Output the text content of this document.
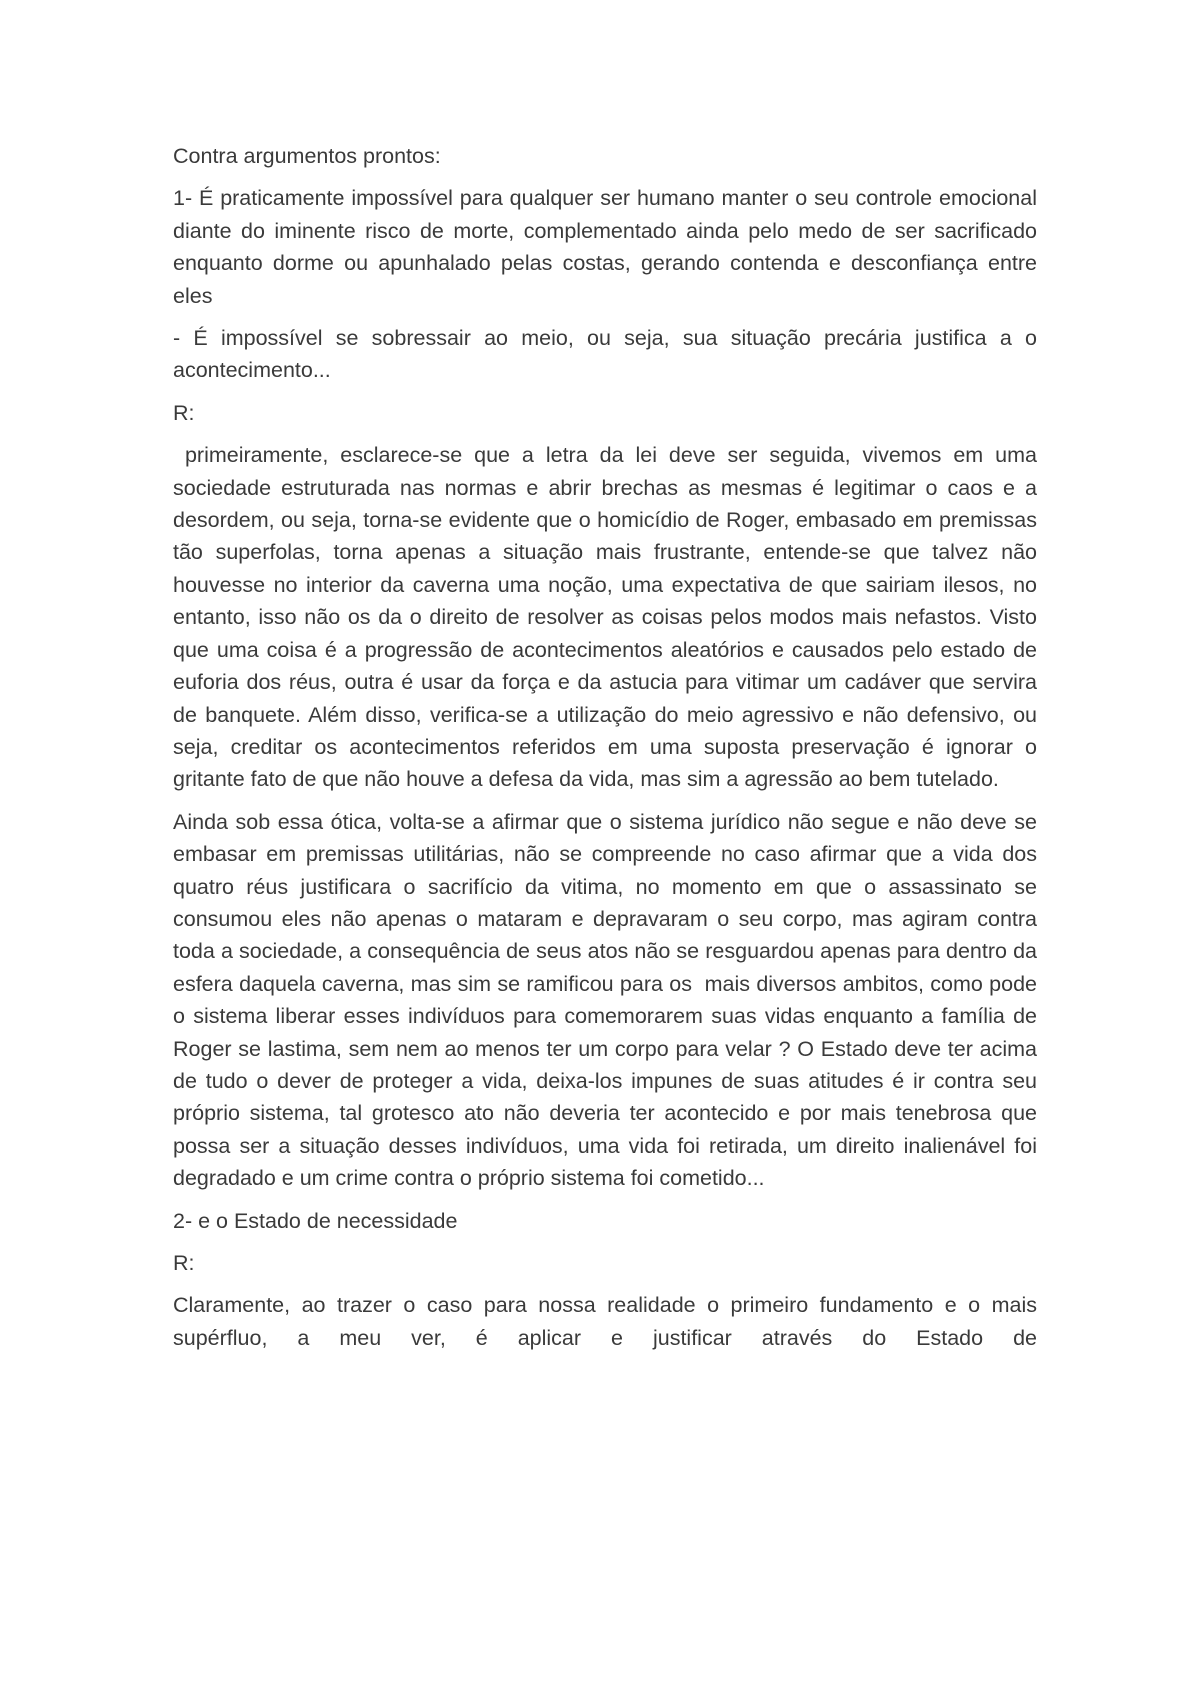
Contra argumentos prontos:

1- É praticamente impossível para qualquer ser humano manter o seu controle emocional diante do iminente risco de morte, complementado ainda pelo medo de ser sacrificado enquanto dorme ou apunhalado pelas costas, gerando contenda e desconfiança entre eles

- É impossível se sobressair ao meio, ou seja, sua situação precária justifica a o acontecimento...

R:

primeiramente, esclarece-se que a letra da lei deve ser seguida, vivemos em uma sociedade estruturada nas normas e abrir brechas as mesmas é legitimar o caos e a desordem, ou seja, torna-se evidente que o homicídio de Roger, embasado em premissas tão superfolas, torna apenas a situação mais frustrante, entende-se que talvez não houvesse no interior da caverna uma noção, uma expectativa de que sairiam ilesos, no entanto, isso não os da o direito de resolver as coisas pelos modos mais nefastos. Visto que uma coisa é a progressão de acontecimentos aleatórios e causados pelo estado de euforia dos réus, outra é usar da força e da astucia para vitimar um cadáver que servira de banquete. Além disso, verifica-se a utilização do meio agressivo e não defensivo, ou seja, creditar os acontecimentos referidos em uma suposta preservação é ignorar o gritante fato de que não houve a defesa da vida, mas sim a agressão ao bem tutelado.

Ainda sob essa ótica, volta-se a afirmar que o sistema jurídico não segue e não deve se embasar em premissas utilitárias, não se compreende no caso afirmar que a vida dos quatro réus justificara o sacrifício da vitima, no momento em que o assassinato se consumou eles não apenas o mataram e depravaram o seu corpo, mas agiram contra toda a sociedade, a consequência de seus atos não se resguardou apenas para dentro da esfera daquela caverna, mas sim se ramificou para os  mais diversos ambitos, como pode o sistema liberar esses indivíduos para comemorarem suas vidas enquanto a família de Roger se lastima, sem nem ao menos ter um corpo para velar ? O Estado deve ter acima de tudo o dever de proteger a vida, deixa-los impunes de suas atitudes é ir contra seu próprio sistema, tal grotesco ato não deveria ter acontecido e por mais tenebrosa que possa ser a situação desses indivíduos, uma vida foi retirada, um direito inalienável foi degradado e um crime contra o próprio sistema foi cometido...

2- e o Estado de necessidade

R:

Claramente, ao trazer o caso para nossa realidade o primeiro fundamento e o mais supérfluo, a meu ver, é aplicar e justificar através do Estado de
